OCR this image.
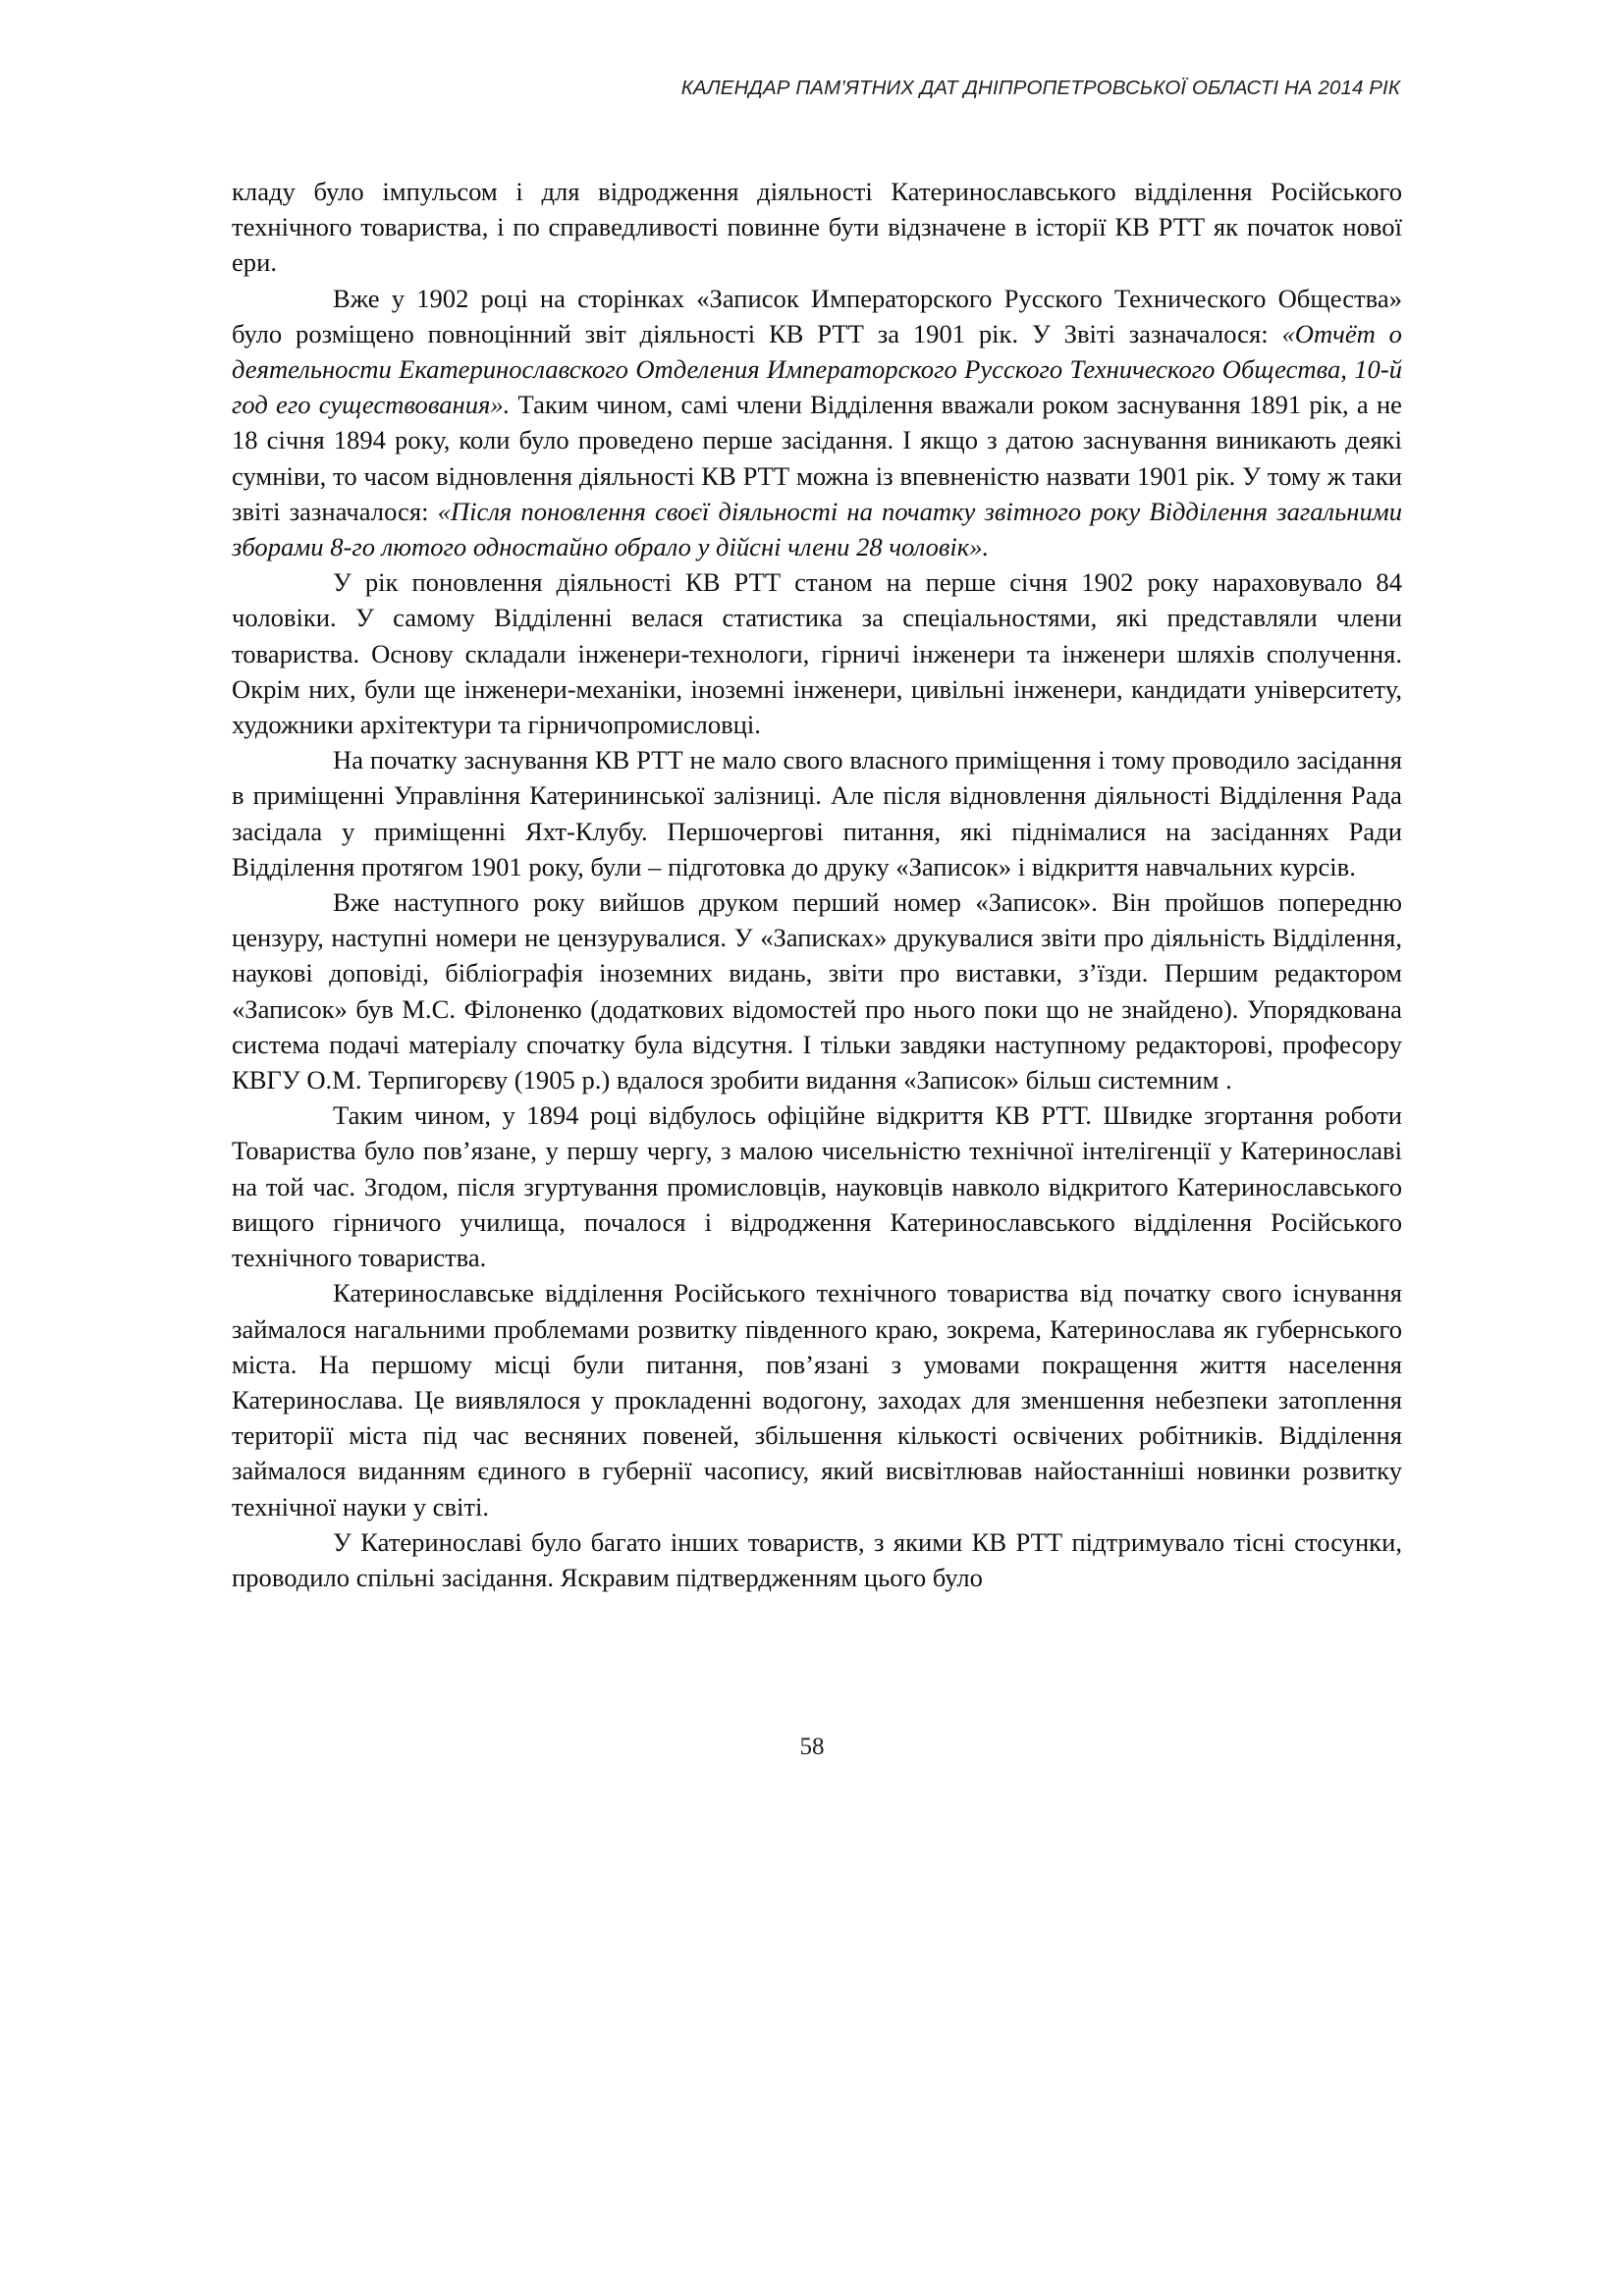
КАЛЕНДАР ПАМ’ЯТНИХ ДАТ ДНІПРОПЕТРОВСЬКОЇ ОБЛАСТІ НА 2014 РІК

кладу було імпульсом і для відродження діяльності Катеринославського відділення Російського технічного товариства, і по справедливості повинне бути відзначене в історії КВ РТТ як початок нової ери.

Вже у 1902 році на сторінках «Записок Императорского Русского Технического Общества» було розміщено повноцінний звіт діяльності КВ РТТ за 1901 рік. У Звіті зазначалося: «Отчёт о деятельности Екатеринославского Отделения Императорского Русского Технического Общества, 10-й год его существования». Таким чином, самі члени Відділення вважали роком заснування 1891 рік, а не 18 січня 1894 року, коли було проведено перше засідання. І якщо з датою заснування виникають деякі сумніви, то часом відновлення діяльності КВ РТТ можна із впевненістю назвати 1901 рік. У тому ж таки звіті зазначалося: «Після поновлення своєї діяльності на початку звітного року Відділення загальними зборами 8-го лютого одностайно обрало у дійсні члени 28 чоловік».

У рік поновлення діяльності КВ РТТ станом на перше січня 1902 року нараховувало 84 чоловіки. У самому Відділенні велася статистика за спеціальностями, які представляли члени товариства. Основу складали інженери-технологи, гірничі інженери та інженери шляхів сполучення. Окрім них, були ще інженери-механіки, іноземні інженери, цивільні інженери, кандидати університету, художники архітектури та гірничопромисловці.

На початку заснування КВ РТТ не мало свого власного приміщення і тому проводило засідання в приміщенні Управління Катерининської залізниці. Але після відновлення діяльності Відділення Рада засідала у приміщенні Яхт-Клубу. Першочергові питання, які піднімалися на засіданнях Ради Відділення протягом 1901 року, були – підготовка до друку «Записок» і відкриття навчальних курсів.

Вже наступного року вийшов друком перший номер «Записок». Він пройшов попередню цензуру, наступні номери не цензурувалися. У «Записках» друкувалися звіти про діяльність Відділення, наукові доповіді, бібліографія іноземних видань, звіти про виставки, з’їзди. Першим редактором «Записок» був М.С. Філоненко (додаткових відомостей про нього поки що не знайдено). Упорядкована система подачі матеріалу спочатку була відсутня. І тільки завдяки наступному редакторові, професору КВГУ О.М. Терпигорєву (1905 р.) вдалося зробити видання «Записок» більш системним .

Таким чином, у 1894 році відбулось офіційне відкриття КВ РТТ. Швидке згортання роботи Товариства було пов’язане, у першу чергу, з малою чисельністю технічної інтелігенції у Катеринославі на той час. Згодом, після згуртування промисловців, науковців навколо відкритого Катеринославського вищого гірничого училища, почалося і відродження Катеринославського відділення Російського технічного товариства.

Катеринославське відділення Російського технічного товариства від початку свого існування займалося нагальними проблемами розвитку південного краю, зокрема, Катеринослава як губернського міста. На першому місці були питання, пов’язані з умовами покращення життя населення Катеринослава. Це виявлялося у прокладенні водогону, заходах для зменшення небезпеки затоплення території міста під час весняних повеней, збільшення кількості освічених робітників. Відділення займалося виданням єдиного в губернії часопису, який висвітлював найостанніші новинки розвитку технічної науки у світі.

У Катеринославі було багато інших товариств, з якими КВ РТТ підтримувало тісні стосунки, проводило спільні засідання. Яскравим підтвердженням цього було

58
